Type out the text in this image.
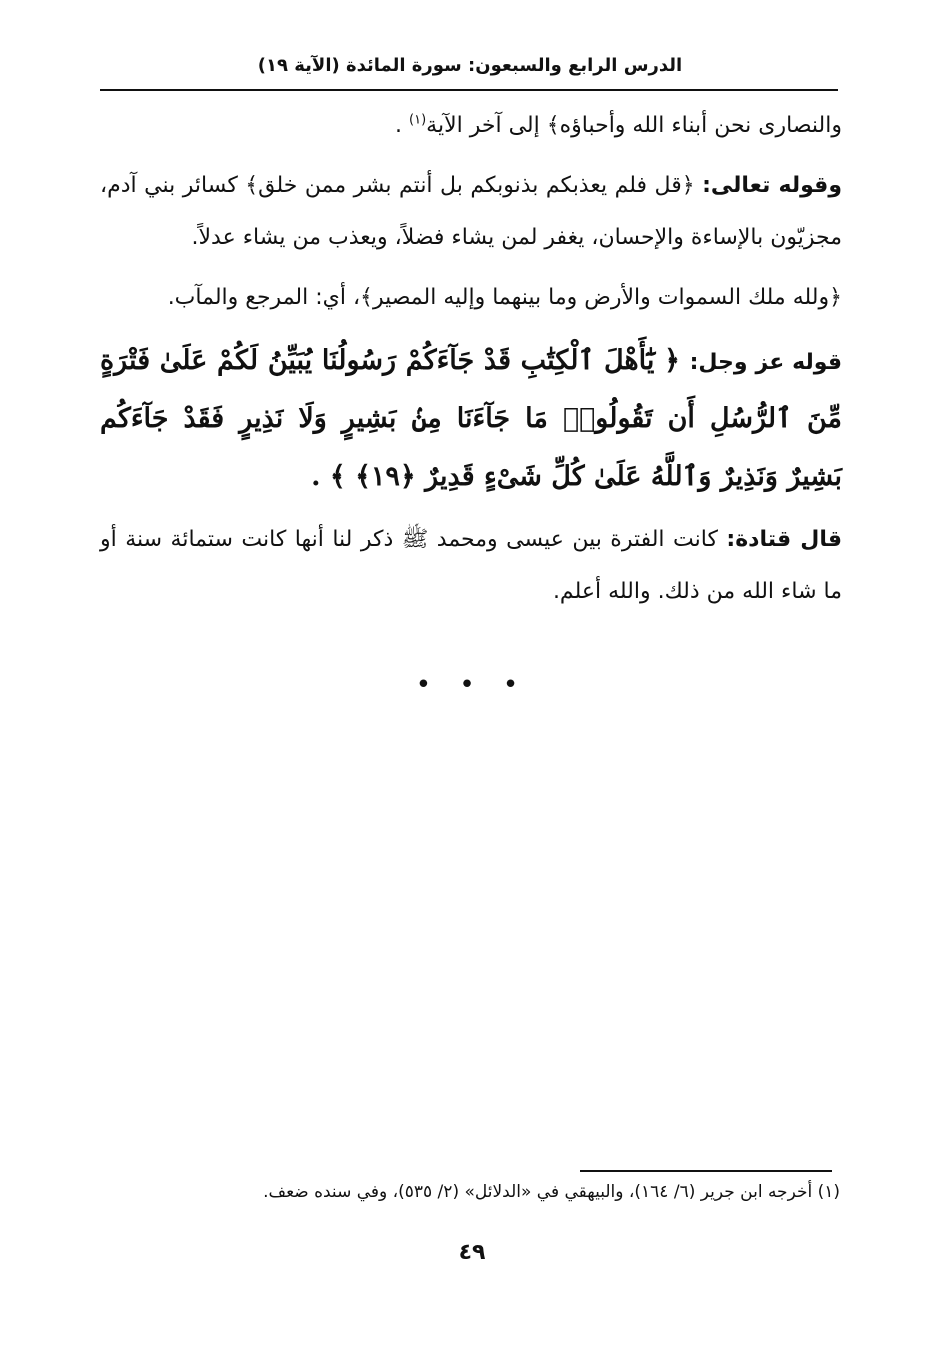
الدرس الرابع والسبعون: سورة المائدة (الآية ١٩)

والنصارى نحن أبناء الله وأحباؤه﴾ إلى آخر الآية$^{(١)}$ .

وقوله تعالى: ﴿قل فلم يعذبكم بذنوبكم بل أنتم بشر ممن خلق﴾ كسائر بني آدم، مجزيّون بالإساءة والإحسان، يغفر لمن يشاء فضلاً، ويعذب من يشاء عدلاً.

﴿ولله ملك السموات والأرض وما بينهما وإليه المصير﴾، أي: المرجع والمآب.

قوله عز وجل: ﴿ يَٰٓأَهْلَ ٱلْكِتَٰبِ قَدْ جَآءَكُمْ رَسُولُنَا يُبَيِّنُ لَكُمْ عَلَىٰ فَتْرَةٍ مِّنَ ٱلرُّسُلِ أَن تَقُولُوا۟ مَا جَآءَنَا مِنۢ بَشِيرٍ وَلَا نَذِيرٍ فَقَدْ جَآءَكُم بَشِيرٌ وَنَذِيرٌ وَٱللَّهُ عَلَىٰ كُلِّ شَىْءٍ قَدِيرٌ ﴿١٩﴾ ﴾ .

قال قتادة: كانت الفترة بين عيسى ومحمد ﷺ ذكر لنا أنها كانت ستمائة سنة أو ما شاء الله من ذلك. والله أعلم.

• • •
(١) أخرجه ابن جرير (٦/ ١٦٤)، والبيهقي في «الدلائل» (٢/ ٥٣٥)، وفي سنده ضعف.
٤٩
